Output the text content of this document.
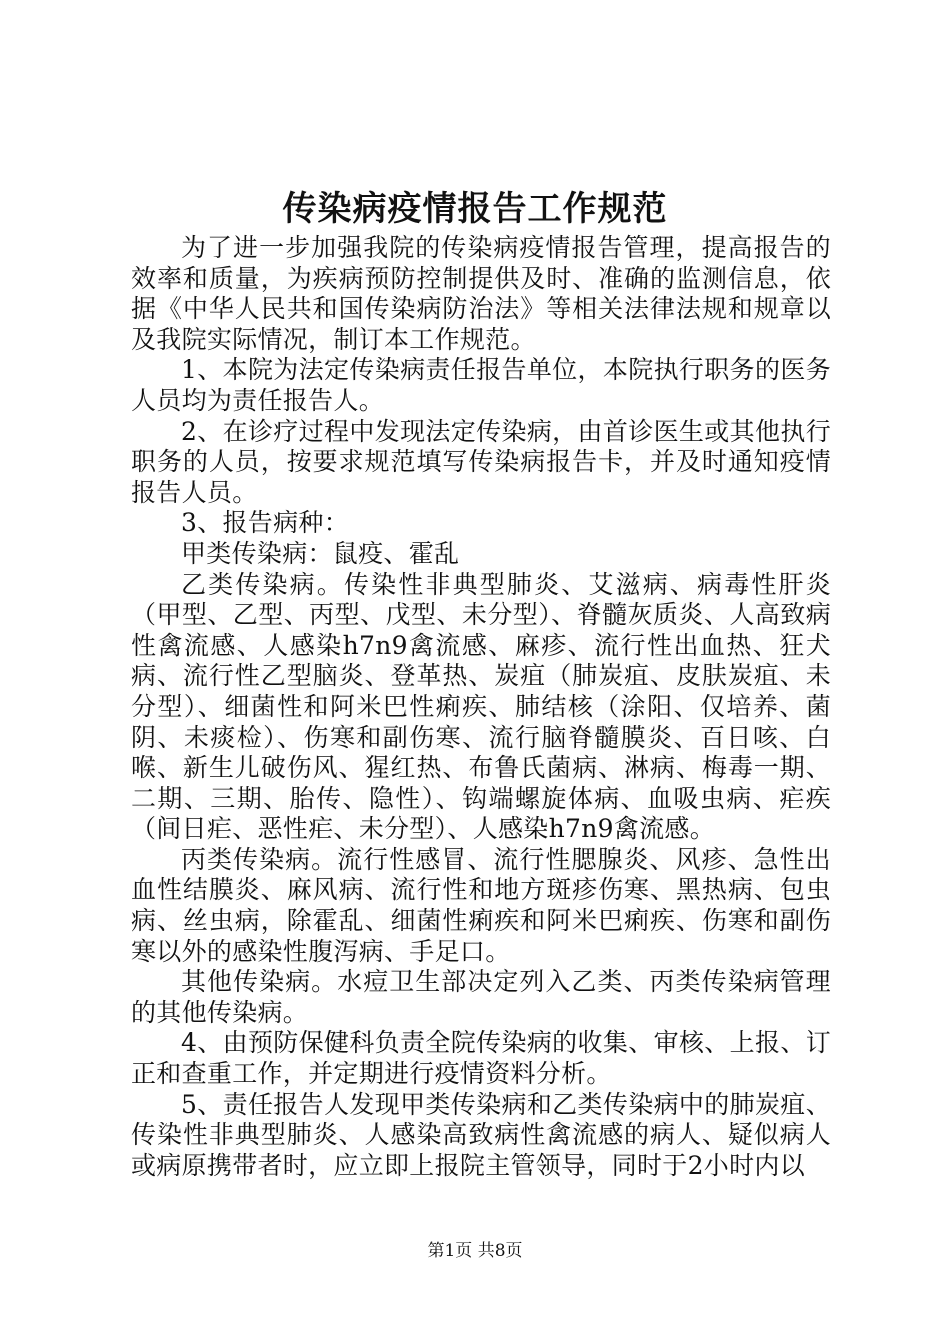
传染病疫情报告工作规范

为了进一步加强我院的传染病疫情报告管理，提高报告的效率和质量，为疾病预防控制提供及时、准确的监测信息，依据《中华人民共和国传染病防治法》等相关法律法规和规章以及我院实际情况，制订本工作规范。

1、本院为法定传染病责任报告单位，本院执行职务的医务人员均为责任报告人。

2、在诊疗过程中发现法定传染病，由首诊医生或其他执行职务的人员，按要求规范填写传染病报告卡，并及时通知疫情报告人员。

3、报告病种：

甲类传染病：鼠疫、霍乱

乙类传染病。传染性非典型肺炎、艾滋病、病毒性肝炎（甲型、乙型、丙型、戊型、未分型）、脊髓灰质炎、人高致病性禽流感、人感染h7n9禽流感、麻疹、流行性出血热、狂犬病、流行性乙型脑炎、登革热、炭疽（肺炭疽、皮肤炭疽、未分型）、细菌性和阿米巴性痢疾、肺结核（涂阳、仅培养、菌阴、未痰检）、伤寒和副伤寒、流行脑脊髓膜炎、百日咳、白喉、新生儿破伤风、猩红热、布鲁氏菌病、淋病、梅毒一期、二期、三期、胎传、隐性）、钩端螺旋体病、血吸虫病、疟疾（间日疟、恶性疟、未分型）、人感染h7n9禽流感。

丙类传染病。流行性感冒、流行性腮腺炎、风疹、急性出血性结膜炎、麻风病、流行性和地方斑疹伤寒、黑热病、包虫病、丝虫病，除霍乱、细菌性痢疾和阿米巴痢疾、伤寒和副伤寒以外的感染性腹泻病、手足口。

其他传染病。水痘卫生部决定列入乙类、丙类传染病管理的其他传染病。

4、由预防保健科负责全院传染病的收集、审核、上报、订正和查重工作，并定期进行疫情资料分析。

5、责任报告人发现甲类传染病和乙类传染病中的肺炭疽、传染性非典型肺炎、人感染高致病性禽流感的病人、疑似病人或病原携带者时，应立即上报院主管领导，同时于2小时内以

第1页 共8页
